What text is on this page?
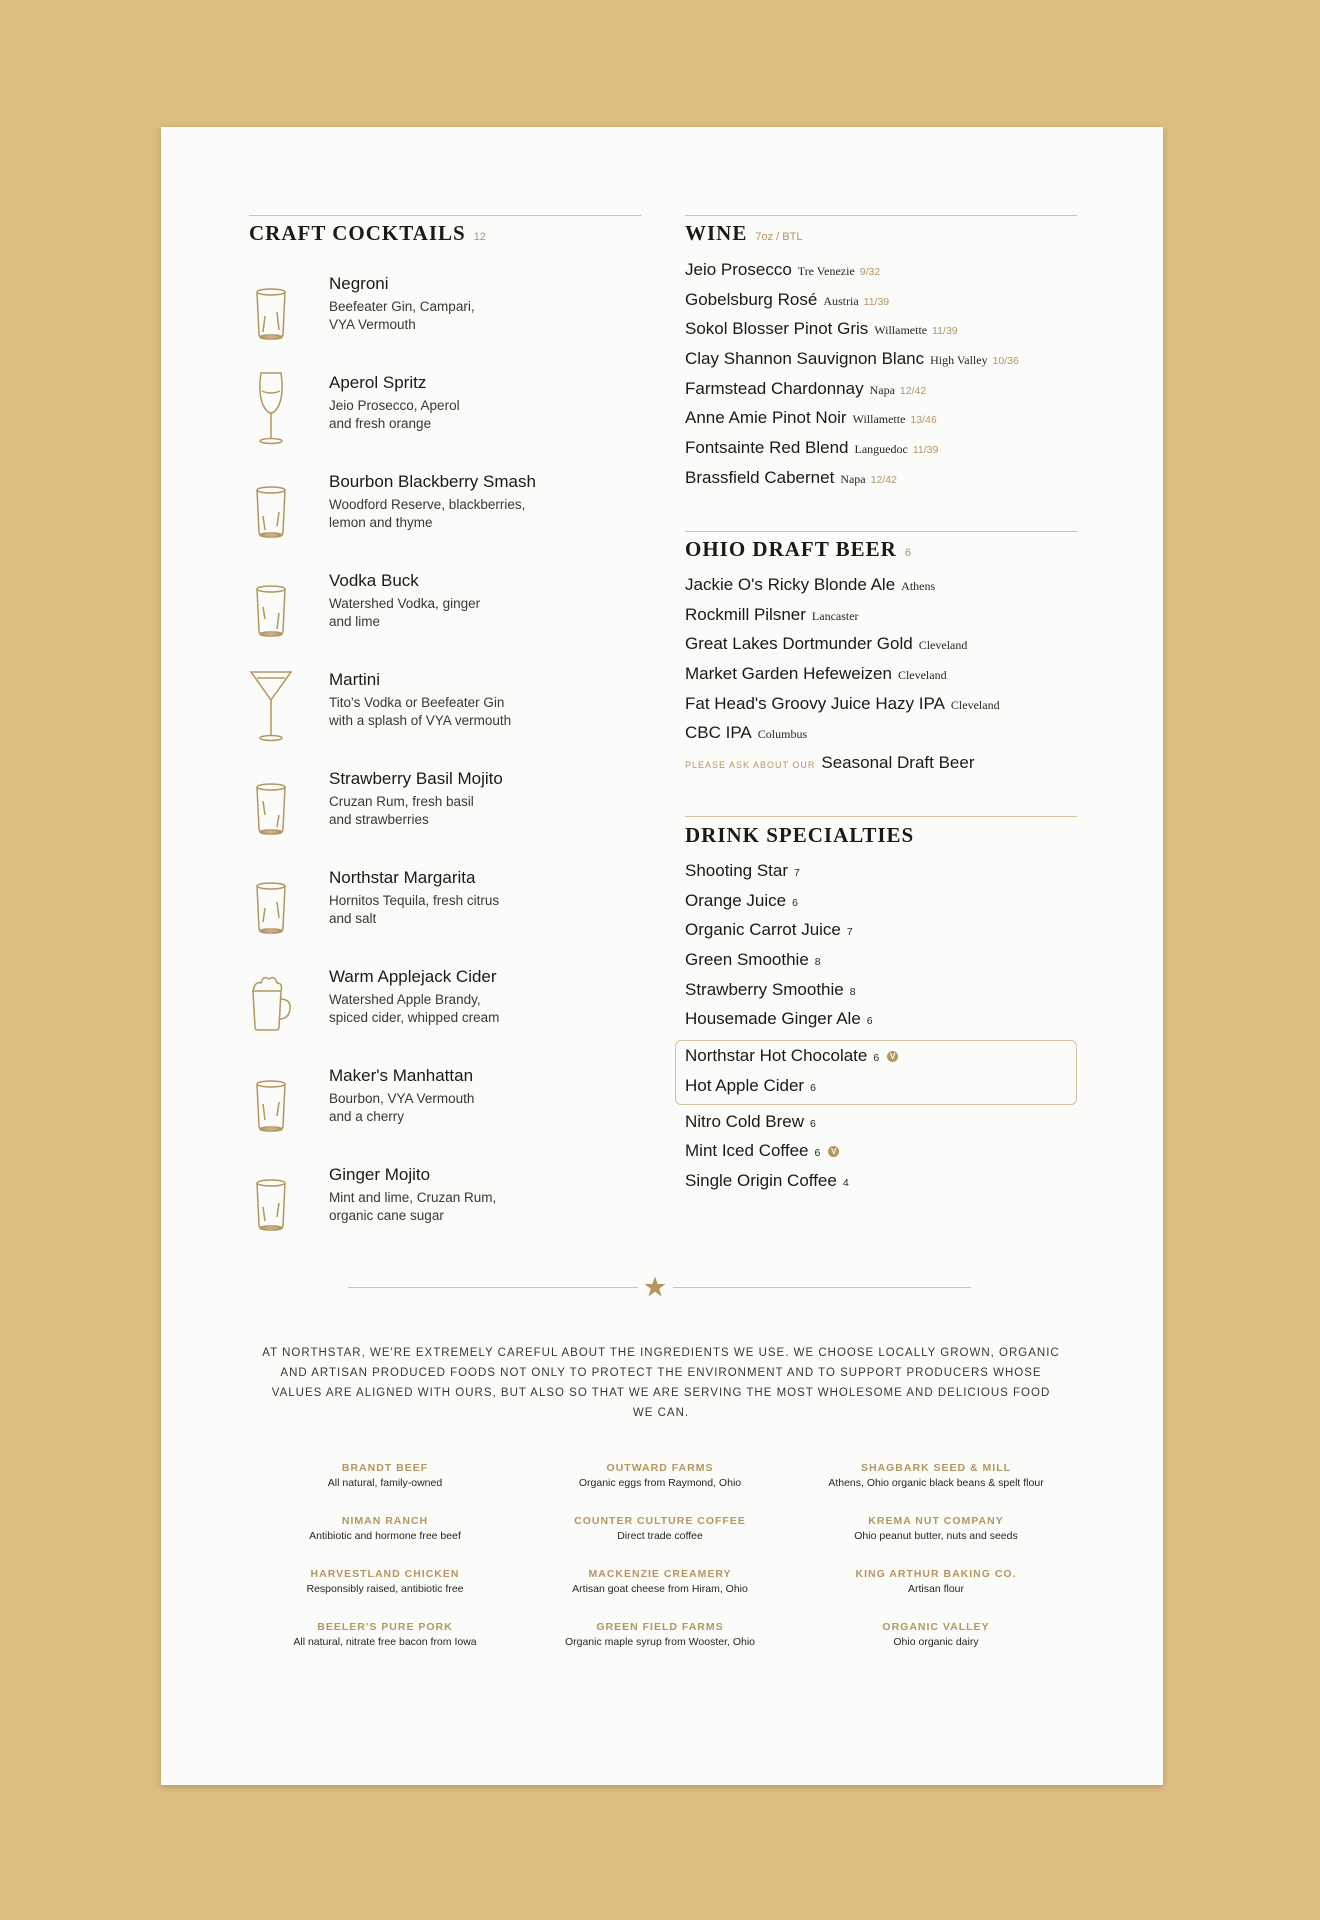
CRAFT COCKTAILS 12
Negroni
Beefeater Gin, Campari,
VYA Vermouth
Aperol Spritz
Jeio Prosecco, Aperol
and fresh orange
Bourbon Blackberry Smash
Woodford Reserve, blackberries,
lemon and thyme
Vodka Buck
Watershed Vodka, ginger
and lime
Martini
Tito's Vodka or Beefeater Gin
with a splash of VYA vermouth
Strawberry Basil Mojito
Cruzan Rum, fresh basil
and strawberries
Northstar Margarita
Hornitos Tequila, fresh citrus
and salt
Warm Applejack Cider
Watershed Apple Brandy,
spiced cider, whipped cream
Maker's Manhattan
Bourbon, VYA Vermouth
and a cherry
Ginger Mojito
Mint and lime, Cruzan Rum,
organic cane sugar
WINE 7oz / BTL
Jeio Prosecco Tre Venezie 9/32
Gobelsburg Rosé Austria 11/39
Sokol Blosser Pinot Gris Willamette 11/39
Clay Shannon Sauvignon Blanc High Valley 10/36
Farmstead Chardonnay Napa 12/42
Anne Amie Pinot Noir Willamette 13/46
Fontsainte Red Blend Languedoc 11/39
Brassfield Cabernet Napa 12/42
OHIO DRAFT BEER 6
Jackie O's Ricky Blonde Ale Athens
Rockmill Pilsner Lancaster
Great Lakes Dortmunder Gold Cleveland
Market Garden Hefeweizen Cleveland
Fat Head's Groovy Juice Hazy IPA Cleveland
CBC IPA Columbus
PLEASE ASK ABOUT OUR Seasonal Draft Beer
DRINK SPECIALTIES
Shooting Star 7
Orange Juice 6
Organic Carrot Juice 7
Green Smoothie 8
Strawberry Smoothie 8
Housemade Ginger Ale 6
Northstar Hot Chocolate 6 V
Hot Apple Cider 6
Nitro Cold Brew 6
Mint Iced Coffee 6 V
Single Origin Coffee 4
AT NORTHSTAR, WE'RE EXTREMELY CAREFUL ABOUT THE INGREDIENTS WE USE. WE CHOOSE LOCALLY GROWN, ORGANIC AND ARTISAN PRODUCED FOODS NOT ONLY TO PROTECT THE ENVIRONMENT AND TO SUPPORT PRODUCERS WHOSE VALUES ARE ALIGNED WITH OURS, BUT ALSO SO THAT WE ARE SERVING THE MOST WHOLESOME AND DELICIOUS FOOD WE CAN.
BRANDT BEEF
All natural, family-owned
NIMAN RANCH
Antibiotic and hormone free beef
HARVESTLAND CHICKEN
Responsibly raised, antibiotic free
BEELER'S PURE PORK
All natural, nitrate free bacon from Iowa
OUTWARD FARMS
Organic eggs from Raymond, Ohio
COUNTER CULTURE COFFEE
Direct trade coffee
MACKENZIE CREAMERY
Artisan goat cheese from Hiram, Ohio
GREEN FIELD FARMS
Organic maple syrup from Wooster, Ohio
SHAGBARK SEED & MILL
Athens, Ohio organic black beans & spelt flour
KREMA NUT COMPANY
Ohio peanut butter, nuts and seeds
KING ARTHUR BAKING CO.
Artisan flour
ORGANIC VALLEY
Ohio organic dairy
